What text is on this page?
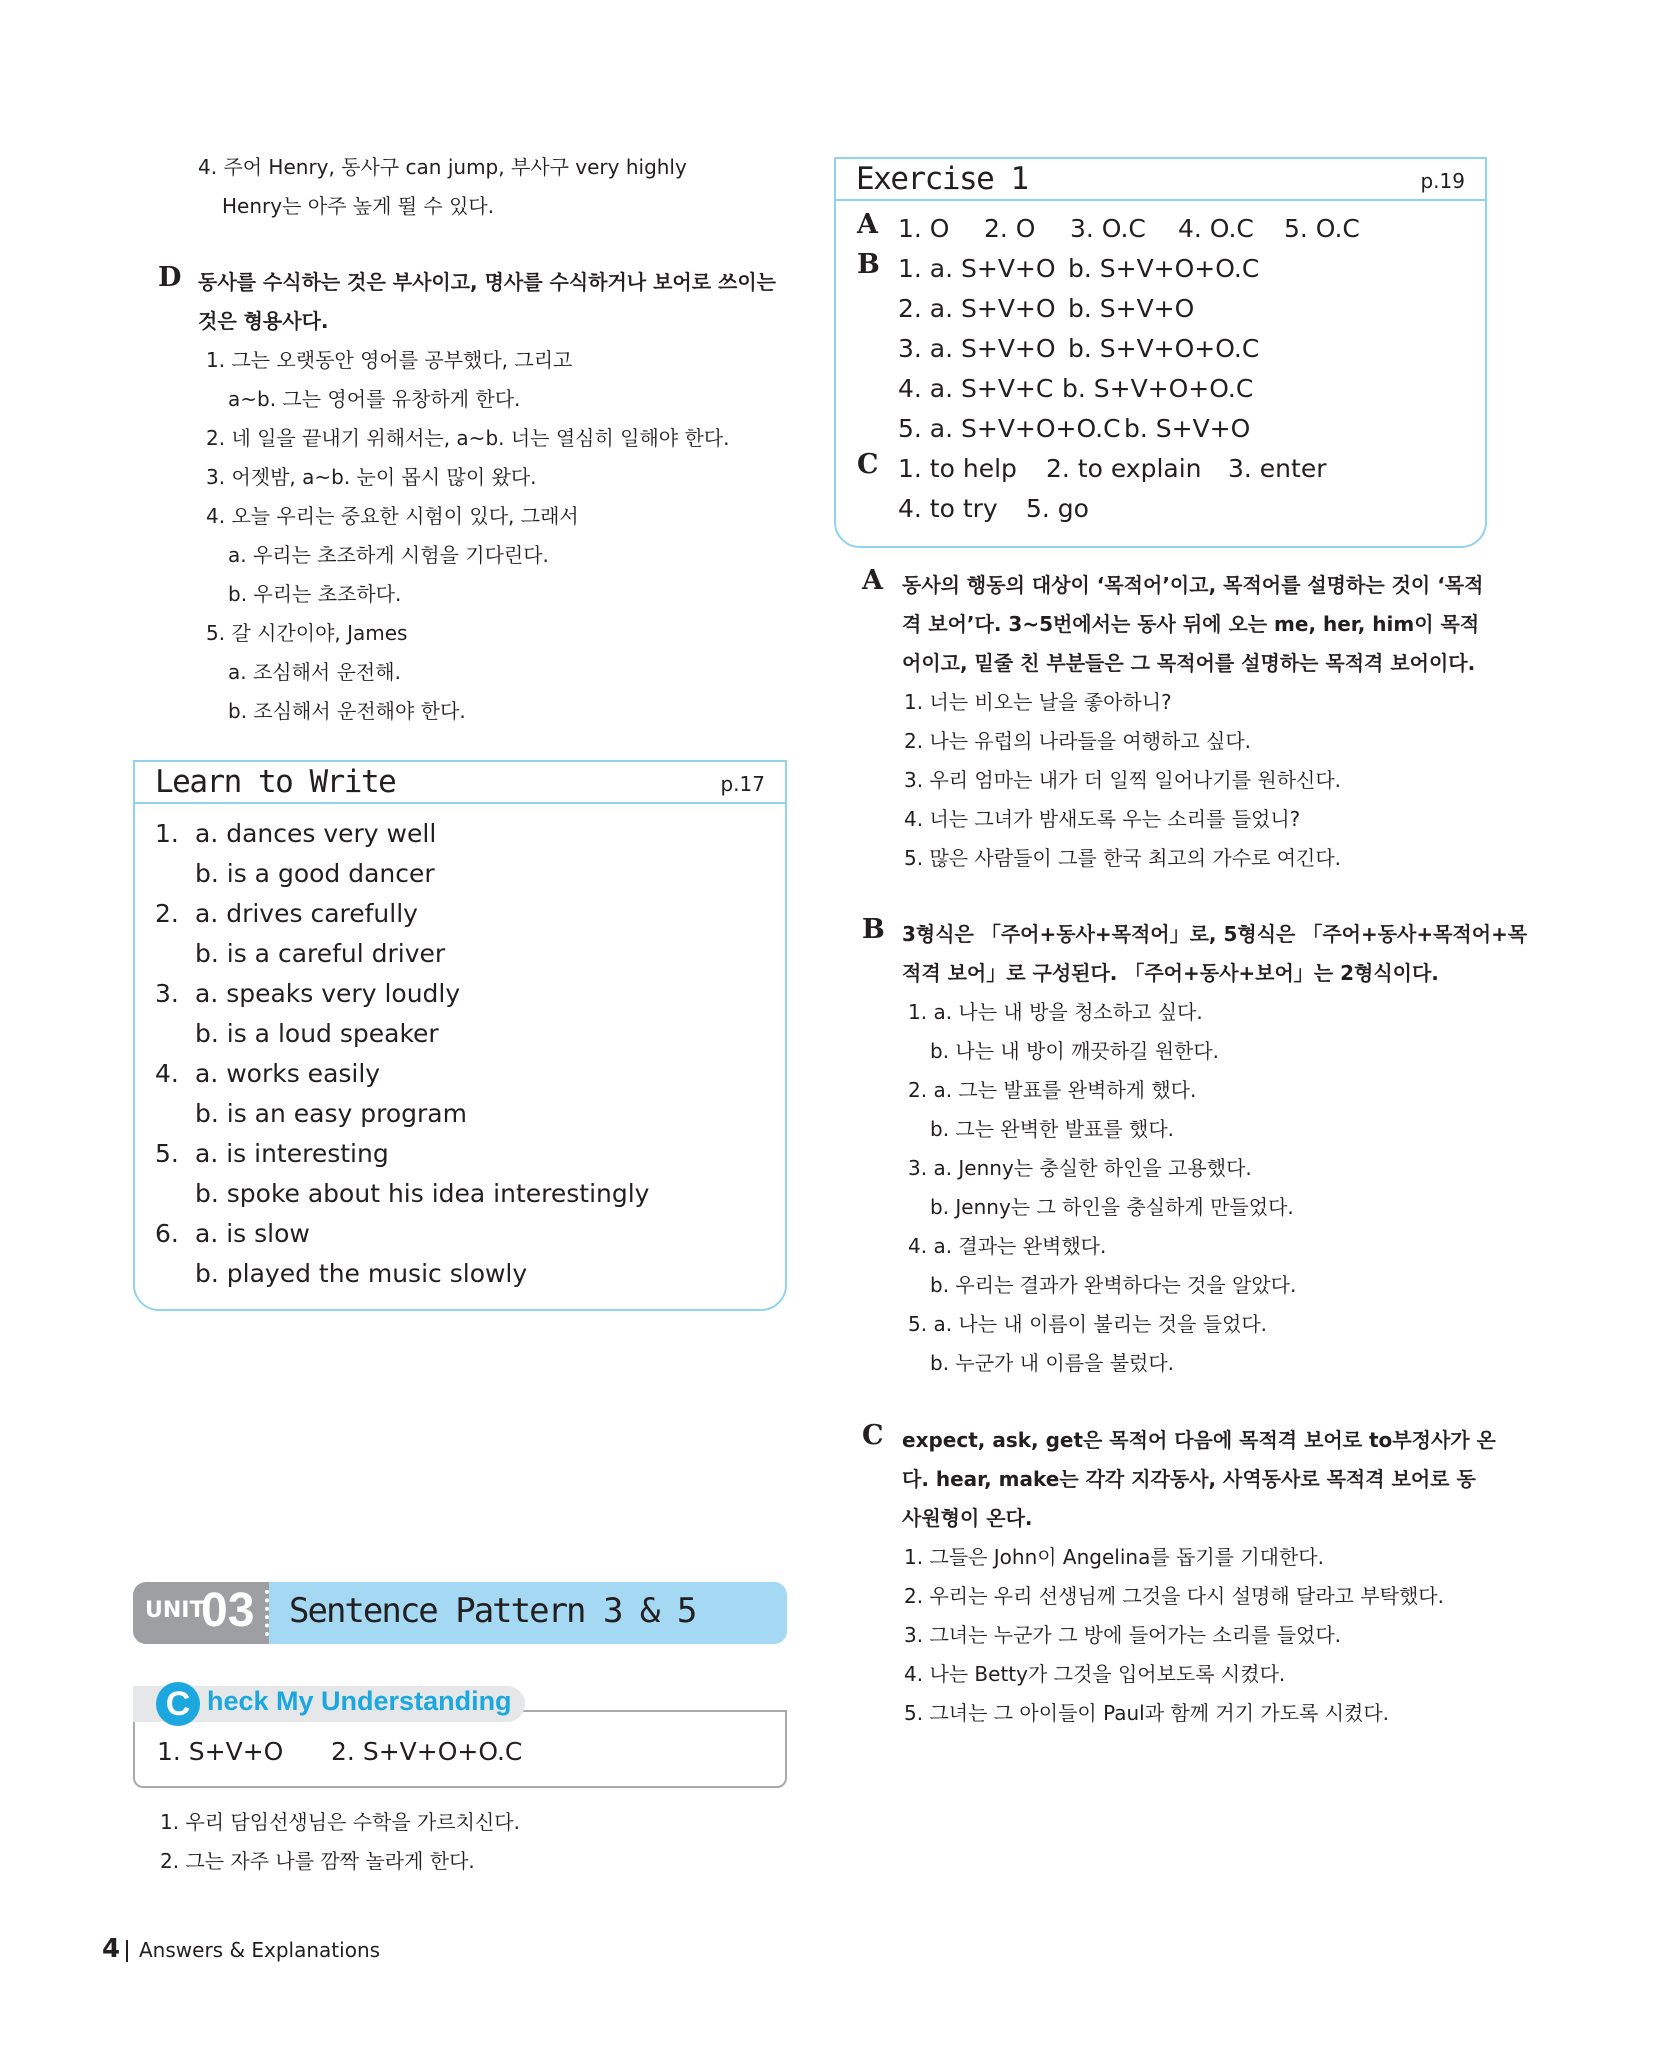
4. 주어 Henry, 동사구 can jump, 부사구 very highly
Henry는 아주 높게 뛸 수 있다.
D 동사를 수식하는 것은 부사이고, 명사를 수식하거나 보어로 쓰이는
것은 형용사다.
1. 그는 오랫동안 영어를 공부했다, 그리고
a~b. 그는 영어를 유창하게 한다.
2. 네 일을 끝내기 위해서는, a~b. 너는 열심히 일해야 한다.
3. 어젯밤, a~b. 눈이 몹시 많이 왔다.
4. 오늘 우리는 중요한 시험이 있다, 그래서
a. 우리는 초조하게 시험을 기다린다.
b. 우리는 초조하다.
5. 갈 시간이야, James
a. 조심해서 운전해.
b. 조심해서 운전해야 한다.
Learn to Write	p.17
1. a. dances very well
b. is a good dancer
2. a. drives carefully
b. is a careful driver
3. a. speaks very loudly
b. is a loud speaker
4. a. works easily
b. is an easy program
5. a. is interesting
b. spoke about his idea interestingly
6. a. is slow
b. played the music slowly
UNIT
03 Sentence Pattern 3 & 5
1. S+V+O      2. S+V+O+O.C
C heck My Understanding
1. 우리 담임선생님은 수학을 가르치신다.
2. 그는 자주 나를 깜짝 놀라게 한다.
Exercise 1	p.19
A 1. O 2. O 3. O.C 4. O.C 5. O.C
B 1. a. S+V+O b. S+V+O+O.C
2. a. S+V+O b. S+V+O
3. a. S+V+O b. S+V+O+O.C
4. a. S+V+C b. S+V+O+O.C
5. a. S+V+O+O.C b. S+V+O
C 1. to help 2. to explain 3. enter
4. to try 5. go
A 동사의 행동의 대상이 ‘목적어’이고, 목적어를 설명하는 것이 ‘목적
격 보어’다. 3~5번에서는 동사 뒤에 오는 me, her, him이 목적
어이고, 밑줄 친 부분들은 그 목적어를 설명하는 목적격 보어이다.
1. 너는 비오는 날을 좋아하니?
2. 나는 유럽의 나라들을 여행하고 싶다.
3. 우리 엄마는 내가 더 일찍 일어나기를 원하신다.
4. 너는 그녀가 밤새도록 우는 소리를 들었니?
5. 많은 사람들이 그를 한국 최고의 가수로 여긴다.
B 3형식은 「주어+동사+목적어」로, 5형식은 「주어+동사+목적어+목
적격 보어」로 구성된다. 「주어+동사+보어」는 2형식이다.
1. a. 나는 내 방을 청소하고 싶다.
b. 나는 내 방이 깨끗하길 원한다.
2. a. 그는 발표를 완벽하게 했다.
b. 그는 완벽한 발표를 했다.
3. a. Jenny는 충실한 하인을 고용했다.
b. Jenny는 그 하인을 충실하게 만들었다.
4. a. 결과는 완벽했다.
b. 우리는 결과가 완벽하다는 것을 알았다.
5. a. 나는 내 이름이 불리는 것을 들었다.
b. 누군가 내 이름을 불렀다.
C expect, ask, get은 목적어 다음에 목적격 보어로 to부정사가 온
다. hear, make는 각각 지각동사, 사역동사로 목적격 보어로 동
사원형이 온다.
1. 그들은 John이 Angelina를 돕기를 기대한다.
2. 우리는 우리 선생님께 그것을 다시 설명해 달라고 부탁했다.
3. 그녀는 누군가 그 방에 들어가는 소리를 들었다.
4. 나는 Betty가 그것을 입어보도록 시켰다.
5. 그녀는 그 아이들이 Paul과 함께 거기 가도록 시켰다.
4 Answers & Explanations
